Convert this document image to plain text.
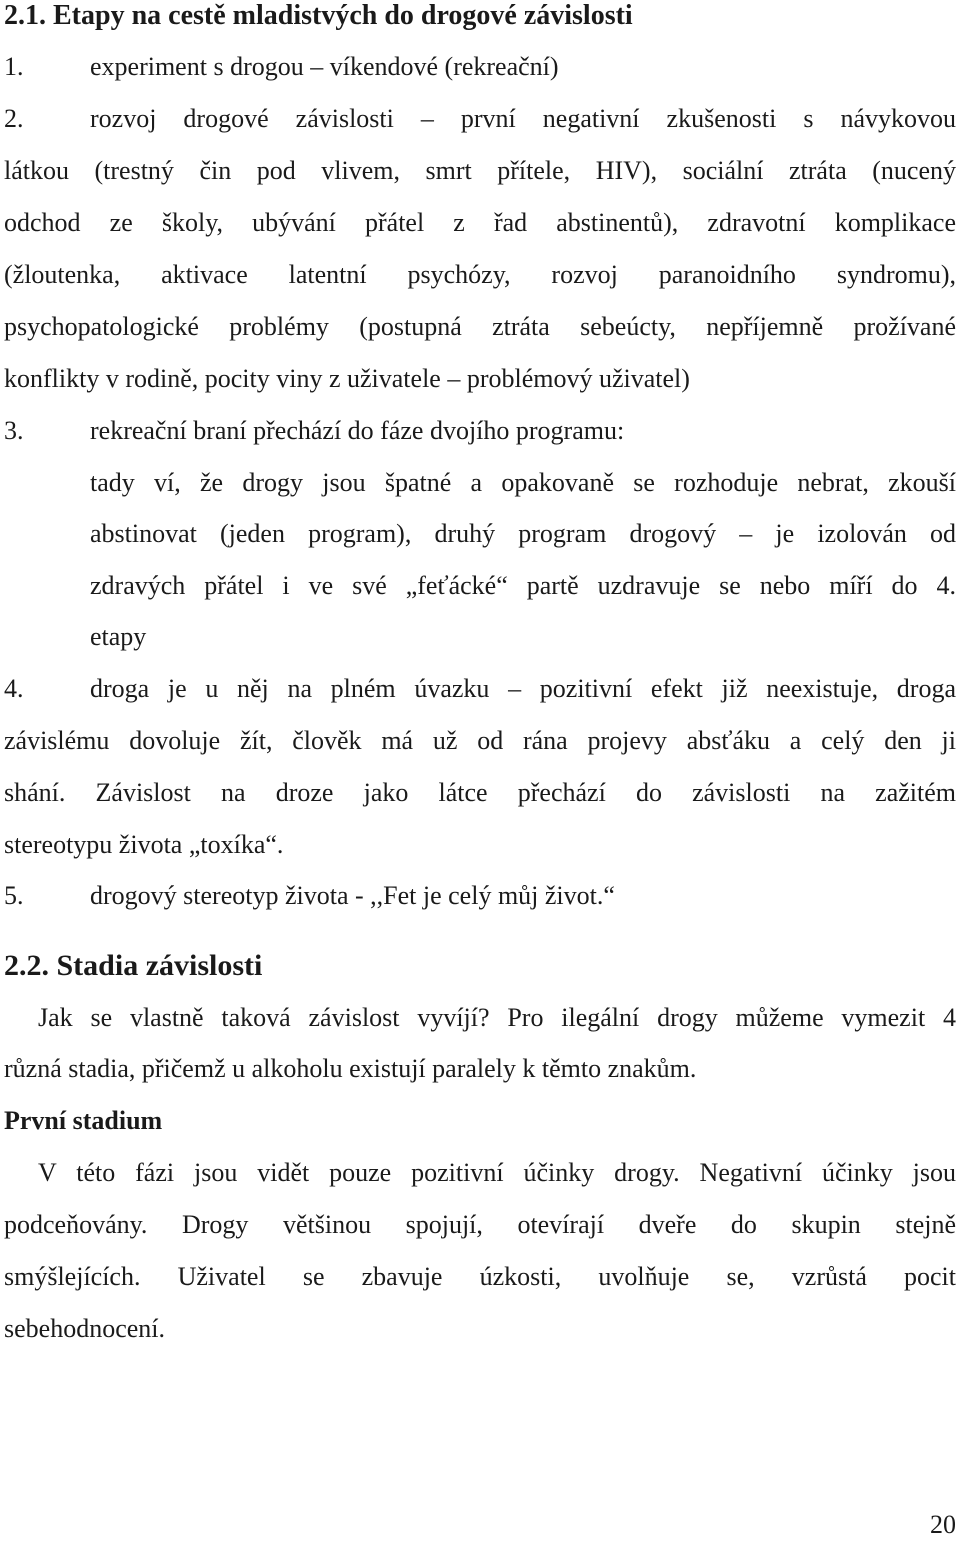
2.1. Etapy na cestě mladistvých do drogové závislosti
1.	experiment s drogou – víkendové (rekreační)
2.	rozvoj drogové závislosti – první negativní zkušenosti s návykovou
látkou (trestný čin pod vlivem, smrt přítele, HIV), sociální ztráta (nucený
odchod ze školy, ubývání přátel z řad abstinentů), zdravotní komplikace
(žloutenka, aktivace latentní psychózy, rozvoj paranoidního syndromu),
psychopatologické problémy (postupná ztráta sebeúcty, nepříjemně prožívané
konflikty v rodině, pocity viny z uživatele – problémový uživatel)
3.	rekreační braní přechází do fáze dvojího programu:
tady ví, že drogy jsou špatné a opakovaně se rozhoduje nebrat, zkouší
abstinovat (jeden program), druhý program drogový – je izolován od
zdravých přátel i ve své „feťácké“ partě uzdravuje se nebo míří do 4.
etapy
4.	droga je u něj na plném úvazku – pozitivní efekt již neexistuje, droga
závislému dovoluje žít, člověk má už od rána projevy absťáku a celý den ji
shání. Závislost na droze jako látce přechází do závislosti na zažitém
stereotypu života „toxíka“.
5.	drogový stereotyp života - ,,Fet je celý můj život.“
2.2. Stadia závislosti
Jak se vlastně taková závislost vyvíjí? Pro ilegální drogy můžeme vymezit 4
různá stadia, přičemž u alkoholu existují paralely k těmto znakům.
První stadium
V této fázi jsou vidět pouze pozitivní účinky drogy. Negativní účinky jsou
podceňovány. Drogy většinou spojují, otevírají dveře do skupin stejně
smýšlejících. Uživatel se zbavuje úzkosti, uvolňuje se, vzrůstá pocit
sebehodnocení.
20
